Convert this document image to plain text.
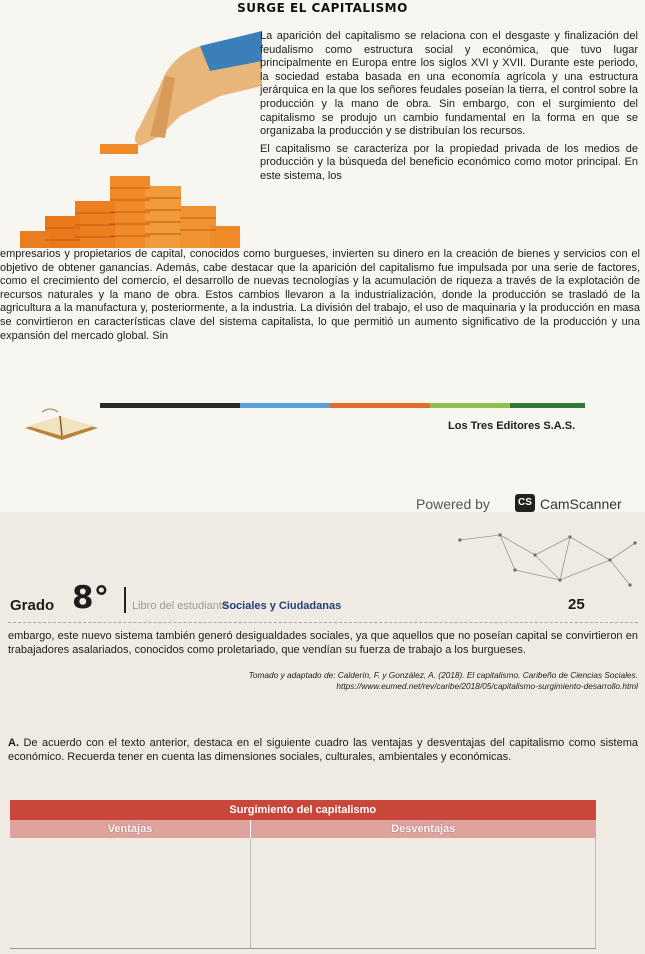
SURGE EL CAPITALISMO

La aparición del capitalismo se relaciona con el desgaste y finalización del feudalismo como estructura social y económica, que tuvo lugar principalmente en Europa entre los siglos XVI y XVII. Durante este periodo, la sociedad estaba basada en una economía agrícola y una estructura jerárquica en la que los señores feudales poseían la tierra, el control sobre la producción y la mano de obra. Sin embargo, con el surgimiento del capitalismo se produjo un cambio fundamental en la forma en que se organizaba la producción y se distribuían los recursos.

El capitalismo se caracteriza por la propiedad privada de los medios de producción y la búsqueda del beneficio económico como motor principal. En este sistema, los

empresarios y propietarios de capital, conocidos como burgueses, invierten su dinero en la creación de bienes y servicios con el objetivo de obtener ganancias. Además, cabe destacar que la aparición del capitalismo fue impulsada por una serie de factores, como el crecimiento del comercio, el desarrollo de nuevas tecnologías y la acumulación de riqueza a través de la explotación de recursos naturales y la mano de obra. Estos cambios llevaron a la industrialización, donde la producción se trasladó de la agricultura a la manufactura y, posteriormente, a la industria. La división del trabajo, el uso de maquinaria y la producción en masa se convirtieron en características clave del sistema capitalista, lo que permitió un aumento significativo de la producción y una expansión del mercado global. Sin
Los Tres Editores S.A.S.
Powered by	CS CamScanner
Grado 8° Libro del estudiante
Sociales y Ciudadanas	25
embargo, este nuevo sistema también generó desigualdades sociales, ya que aquellos que no poseían capital se convirtieron en trabajadores asalariados, conocidos como proletariado, que vendían su fuerza de trabajo a los burgueses.
Tomado y adaptado de: Calderín, F. y González, A. (2018). El capitalismo. Caribeño de Ciencias Sociales.
https://www.eumed.net/rev/caribe/2018/05/capitalismo-surgimiento-desarrollo.html
A. De acuerdo con el texto anterior, destaca en el siguiente cuadro las ventajas y desventajas del capitalismo como sistema económico. Recuerda tener en cuenta las dimensiones sociales, culturales, ambientales y económicas.
Surgimiento del capitalismo	
Ventajas	Desventajas
